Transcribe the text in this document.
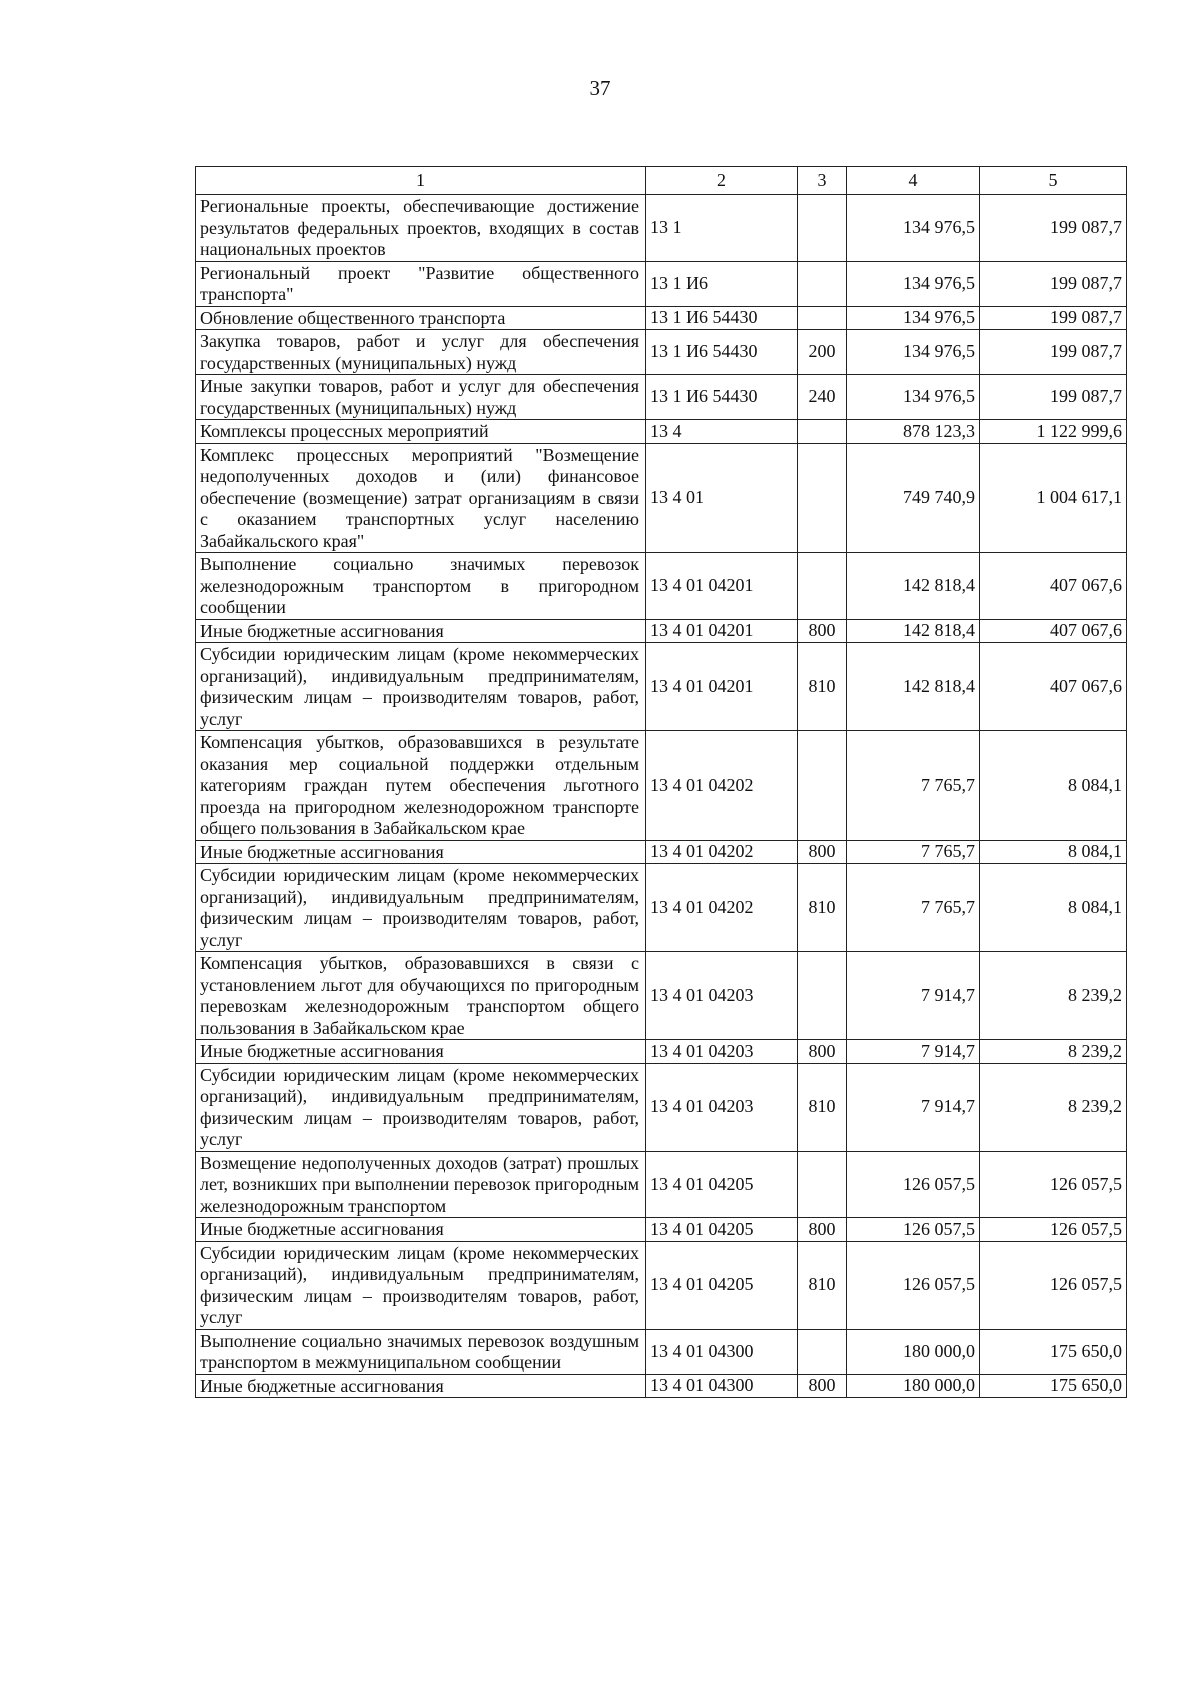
37
1	2	3	4	5
Региональные проекты, обеспечивающие достижение результатов федеральных проектов, входящих в состав национальных проектов	13 1		134 976,5	199 087,7
Региональный проект "Развитие общественного транспорта"	13 1 И6		134 976,5	199 087,7
Обновление общественного транспорта	13 1 И6 54430		134 976,5	199 087,7
Закупка товаров, работ и услуг для обеспечения государственных (муниципальных) нужд	13 1 И6 54430	200	134 976,5	199 087,7
Иные закупки товаров, работ и услуг для обеспечения государственных (муниципальных) нужд	13 1 И6 54430	240	134 976,5	199 087,7
Комплексы процессных мероприятий	13 4		878 123,3	1 122 999,6
Комплекс процессных мероприятий "Возмещение недополученных доходов и (или) финансовое обеспечение (возмещение) затрат организациям в связи с оказанием транспортных услуг населению Забайкальского края"	13 4 01		749 740,9	1 004 617,1
Выполнение социально значимых перевозок железнодорожным транспортом в пригородном сообщении	13 4 01 04201		142 818,4	407 067,6
Иные бюджетные ассигнования	13 4 01 04201	800	142 818,4	407 067,6
Субсидии юридическим лицам (кроме некоммерческих организаций), индивидуальным предпринимателям, физическим лицам – производителям товаров, работ, услуг	13 4 01 04201	810	142 818,4	407 067,6
Компенсация убытков, образовавшихся в результате оказания мер социальной поддержки отдельным категориям граждан путем обеспечения льготного проезда на пригородном железнодорожном транспорте общего пользования в Забайкальском крае	13 4 01 04202		7 765,7	8 084,1
Иные бюджетные ассигнования	13 4 01 04202	800	7 765,7	8 084,1
Субсидии юридическим лицам (кроме некоммерческих организаций), индивидуальным предпринимателям, физическим лицам – производителям товаров, работ, услуг	13 4 01 04202	810	7 765,7	8 084,1
Компенсация убытков, образовавшихся в связи с установлением льгот для обучающихся по пригородным перевозкам железнодорожным транспортом общего пользования в Забайкальском крае	13 4 01 04203		7 914,7	8 239,2
Иные бюджетные ассигнования	13 4 01 04203	800	7 914,7	8 239,2
Субсидии юридическим лицам (кроме некоммерческих организаций), индивидуальным предпринимателям, физическим лицам – производителям товаров, работ, услуг	13 4 01 04203	810	7 914,7	8 239,2
Возмещение недополученных доходов (затрат) прошлых лет, возникших при выполнении перевозок пригородным железнодорожным транспортом	13 4 01 04205		126 057,5	126 057,5
Иные бюджетные ассигнования	13 4 01 04205	800	126 057,5	126 057,5
Субсидии юридическим лицам (кроме некоммерческих организаций), индивидуальным предпринимателям, физическим лицам – производителям товаров, работ, услуг	13 4 01 04205	810	126 057,5	126 057,5
Выполнение социально значимых перевозок воздушным транспортом в межмуниципальном сообщении	13 4 01 04300		180 000,0	175 650,0
Иные бюджетные ассигнования	13 4 01 04300	800	180 000,0	175 650,0
